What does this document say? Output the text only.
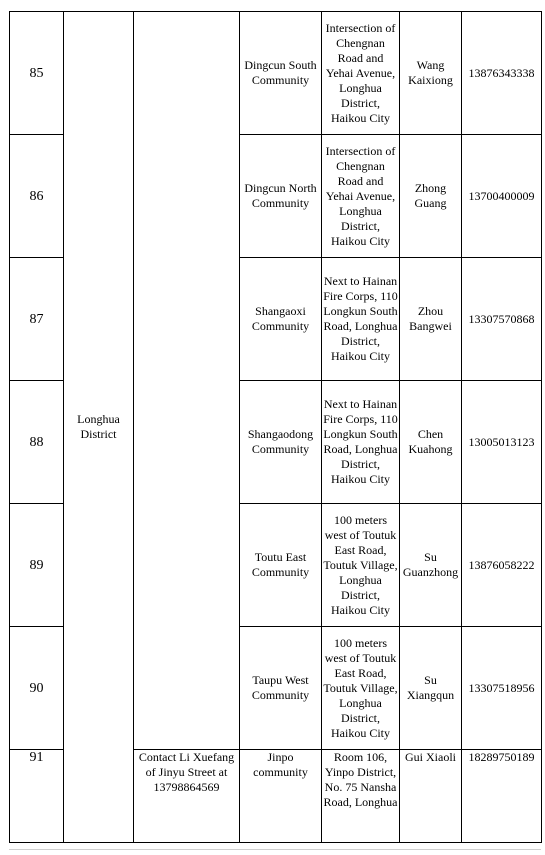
85	Longhua District		Dingcun South Community	Intersection of Chengnan Road and Yehai Avenue, Longhua District, Haikou City	Wang Kaixiong	13876343338
86			Dingcun North Community	Intersection of Chengnan Road and Yehai Avenue, Longhua District, Haikou City	Zhong Guang	13700400009
87			Shangaoxi Community	Next to Hainan Fire Corps, 110 Longkun South Road, Longhua District, Haikou City	Zhou Bangwei	13307570868
88			Shangaodong Community	Next to Hainan Fire Corps, 110 Longkun South Road, Longhua District, Haikou City	Chen Kuahong	13005013123
89			Toutu East Community	100 meters west of Toutuk East Road, Toutuk Village, Longhua District, Haikou City	Su Guanzhong	13876058222
90			Taupu West Community	100 meters west of Toutuk East Road, Toutuk Village, Longhua District, Haikou City	Su Xiangqun	13307518956
91		Contact Li Xuefang of Jinyu Street at 13798864569	Jinpo community	Room 106, Yinpo District, No. 75 Nansha Road, Longhua	Gui Xiaoli	18289750189
